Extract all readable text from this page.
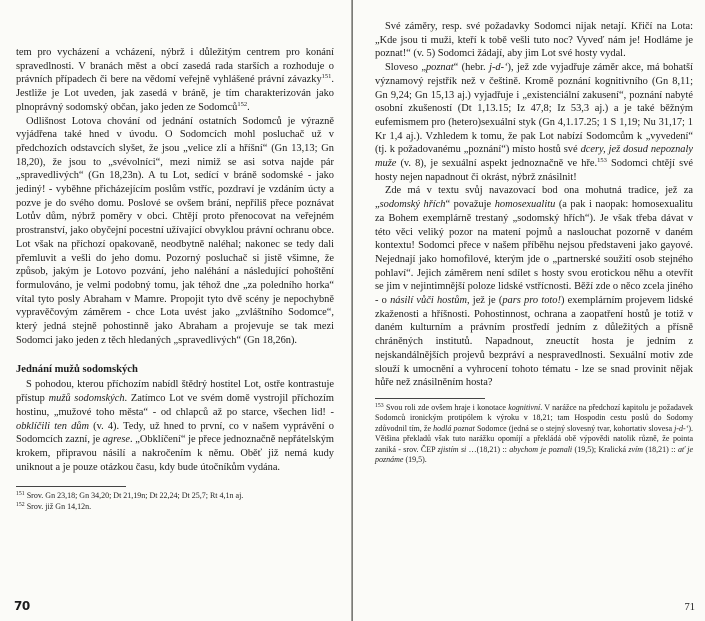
tem pro vycházení a vcházení, nýbrž i důležitým centrem pro konání spravedlnosti. V branách měst a obcí zasedá rada starších a rozhoduje o právních případech či bere na vědomí veřejně vyhlášené právní závazky$^{151}$. Jestliže je Lot uveden, jak zasedá v bráně, je tím charakterizován jako plnoprávný sodomský občan, jako jeden ze Sodomců$^{152}$.

Odlišnost Lotova chování od jednání ostatních Sodomců je výrazně vyjádřena také hned v úvodu. O Sodomcích mohl posluchač už v předchozích odstavcích slyšet, že jsou „velice zlí a hříšní“ (Gn 13,13; Gn 18,20), že jsou to „svévolníci“, mezi nimiž se asi sotva najde pár „spravedlivých“ (Gn 18,23n). A tu Lot, sedící v bráně sodomské - jako jediný! - vyběhne přicházejícím poslům vstříc, pozdraví je vzdáním úcty a pozve je do svého domu. Poslové se ovšem brání, nepříliš přece poznávat Lotův dům, nýbrž poměry v obci. Chtějí proto přenocovat na veřejném prostranství, jako obyčejní pocestní užívající obvyklou právní ochranu obce. Lot však na příchozí opakovaně, neodbytně naléhal; nakonec se tedy dali přemluvit a vešli do jeho domu. Pozorný posluchač si jistě všimne, že způsob, jakým je Lotovo pozvání, jeho naléhání a následující pohoštění formulováno, je velmi podobný tomu, jak téhož dne „za poledního horka“ vítal tyto posly Abraham v Mamre. Propojit tyto dvě scény je nepochybně vypravěčovým záměrem - chce Lota uvést jako „zvláštního Sodomce“, který jedná stejně pohostinně jako Abraham a projevuje se tak mezi Sodomci jako jeden z těch hledaných „spravedlivých“ (Gn 18,26n).

Jednání mužů sodomských

S pohodou, kterou příchozím nabídl štědrý hostitel Lot, ostře kontrastuje přístup mužů sodomských. Zatímco Lot ve svém domě vystrojil příchozím hostinu, „mužové toho města“ - od chlapců až po starce, všechen lid! - obklíčili ten dům (v. 4). Tedy, už hned to první, co v našem vyprávění o Sodomcích zazní, je agrese. „Obklíčení“ je přece jednoznačně nepřátelským krokem, připravou násilí a nakročením k němu. Oběť již nemá kudy uniknout a je pouze otázkou času, kdy bude útočníkům vydána.

$^{151}$ Srov. Gn 23,18; Gn 34,20; Dt 21,19n; Dt 22,24; Dt 25,7; Rt 4,1n aj.

$^{152}$ Srov. již Gn 14,12n.

70

Své záměry, resp. své požadavky Sodomci nijak netají. Křičí na Lota: „Kde jsou ti muži, kteří k tobě vešli tuto noc? Vyveď nám je! Hodláme je poznat!“ (v. 5) Sodomci žádají, aby jim Lot své hosty vydal.

Sloveso „poznat“ (hebr. j-d-‘), jež zde vyjadřuje záměr akce, má bohatší významový rejstřík než v češtině. Kromě poznání kognitivního (Gn 8,11; Gn 9,24; Gn 15,13 aj.) vyjadřuje i „existenciální zakusení“, poznání nabyté osobní zkušeností (Dt 1,13.15; Iz 47,8; Iz 53,3 aj.) a je také běžným eufemismem pro (hetero)sexuální styk (Gn 4,1.17.25; 1 S 1,19; Nu 31,17; 1 Kr 1,4 aj.). Vzhledem k tomu, že pak Lot nabízí Sodomcům k „vyvedení“ (tj. k požadovanému „poznání“) místo hostů své dcery, jež dosud nepoznaly muže (v. 8), je sexuální aspekt jednoznačně ve hře.$^{153}$ Sodomci chtějí své hosty nejen napadnout či okrást, nýbrž znásilnit!

Zde má v textu svůj navazovací bod ona mohutná tradice, jež za „sodomský hřích“ považuje homosexualitu (a pak i naopak: homosexualitu za Bohem exemplárně trestaný „sodomský hřích“). Je však třeba dávat v této věci veliký pozor na matení pojmů a naslouchat pozorně v daném kontextu! Sodomci přece v našem příběhu nejsou představeni jako gayové. Nejednají jako homofilové, kterým jde o „partnerské soužití osob stejného pohlaví“. Jejich záměrem není sdílet s hosty svou erotickou něhu a otevřít se jim v nejintimnější poloze lidské vstřícnosti. Běží zde o něco zcela jiného - o násilí vůči hostům, jež je (pars pro toto!) exemplárním projevem lidské zkaženosti a hříšnosti. Pohostinnost, ochrana a zaopatření hostů je totiž v daném kulturním a právním prostředí jedním z důležitých a přísně chráněných institutů. Napadnout, zneuctít hosta je jedním z nejskandálnějších projevů bezpráví a nespravedlnosti. Sexuální motiv zde slouží k umocnění a vyhrocení tohoto tématu - lze se snad provinit nějak hůře než znásilněním hosta?

$^{153}$ Svou roli zde ovšem hraje i konotace kognitivní. V narážce na předchozí kapitolu je požadavek Sodomců ironickým protipólem k výroku v 18,21; tam Hospodin cestu poslů do Sodomy zdůvodnil tím, že hodlá poznat Sodomce (jedná se o stejný slovesný tvar, kohortativ slovesa j-d-‘). Většina překladů však tuto narážku opomíjí a překládá obě výpovědi natolik různě, že pointa zaniká - srov. ČEP zjistím si …(18,21) :: abychom je poznali (19,5); Kralická zvím (18,21) :: ať je poznáme (19,5).

71
